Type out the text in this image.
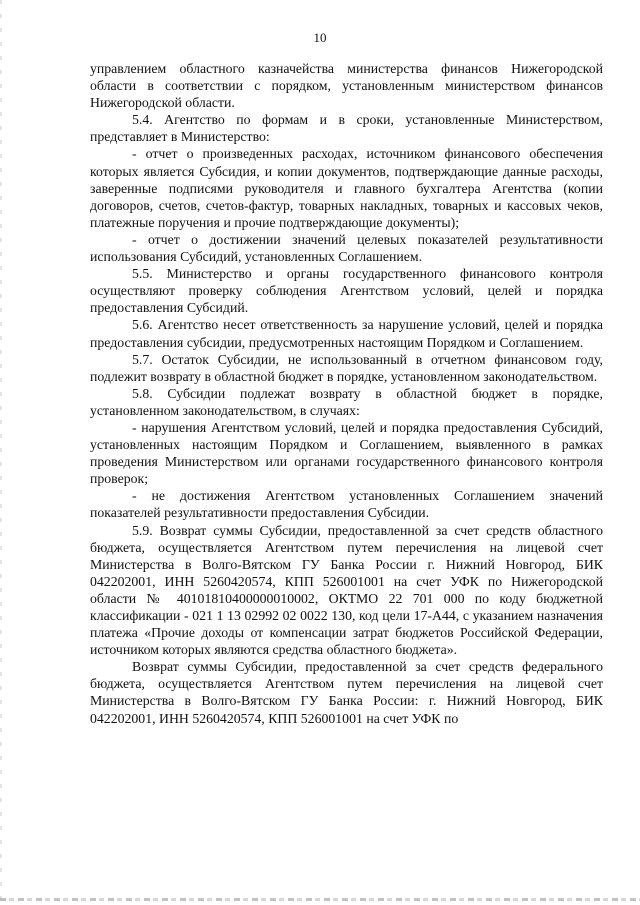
10

управлением областного казначейства министерства финансов Нижегородской области в соответствии с порядком, установленным министерством финансов Нижегородской области.

5.4. Агентство по формам и в сроки, установленные Министерством, представляет в Министерство:

- отчет о произведенных расходах, источником финансового обеспечения которых является Субсидия, и копии документов, подтверждающие данные расходы, заверенные подписями руководителя и главного бухгалтера Агентства (копии договоров, счетов, счетов-фактур, товарных накладных, товарных и кассовых чеков, платежные поручения и прочие подтверждающие документы);

- отчет о достижении значений целевых показателей результативности использования Субсидий, установленных Соглашением.

5.5. Министерство и органы государственного финансового контроля осуществляют проверку соблюдения Агентством условий, целей и порядка предоставления Субсидий.

5.6. Агентство несет ответственность за нарушение условий, целей и порядка предоставления субсидии, предусмотренных настоящим Порядком и Соглашением.

5.7. Остаток Субсидии, не использованный в отчетном финансовом году, подлежит возврату в областной бюджет в порядке, установленном законодательством.

5.8. Субсидии подлежат возврату в областной бюджет в порядке, установленном законодательством, в случаях:

- нарушения Агентством условий, целей и порядка предоставления Субсидий, установленных настоящим Порядком и Соглашением, выявленного в рамках проведения Министерством или органами государственного финансового контроля проверок;

- не достижения Агентством установленных Соглашением значений показателей результативности предоставления Субсидии.

5.9. Возврат суммы Субсидии, предоставленной за счет средств областного бюджета, осуществляется Агентством путем перечисления на лицевой счет Министерства в Волго-Вятском ГУ Банка России г. Нижний Новгород, БИК 042202001, ИНН 5260420574, КПП 526001001 на счет УФК по Нижегородской области № 40101810400000010002, ОКТМО 22 701 000 по коду бюджетной классификации - 021 1 13 02992 02 0022 130, код цели 17-А44, с указанием назначения платежа «Прочие доходы от компенсации затрат бюджетов Российской Федерации, источником которых являются средства областного бюджета».

Возврат суммы Субсидии, предоставленной за счет средств федерального бюджета, осуществляется Агентством путем перечисления на лицевой счет Министерства в Волго-Вятском ГУ Банка России: г. Нижний Новгород, БИК 042202001, ИНН 5260420574, КПП 526001001 на счет УФК по
